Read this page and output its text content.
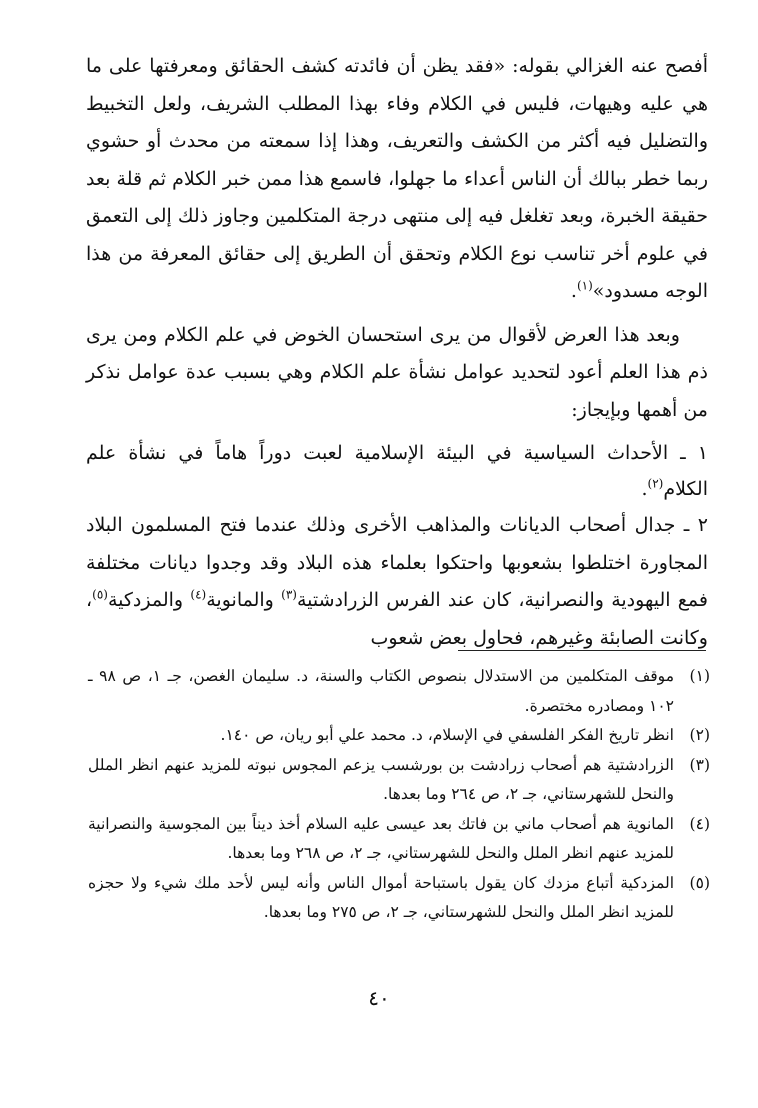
أفصح عنه الغزالي بقوله: «فقد يظن أن فائدته كشف الحقائق ومعرفتها على ما هي عليه وهيهات، فليس في الكلام وفاء بهذا المطلب الشريف، ولعل التخبيط والتضليل فيه أكثر من الكشف والتعريف، وهذا إذا سمعته من محدث أو حشوي ربما خطر ببالك أن الناس أعداء ما جهلوا، فاسمع هذا ممن خبر الكلام ثم قلة بعد حقيقة الخبرة، وبعد تغلغل فيه إلى منتهى درجة المتكلمين وجاوز ذلك إلى التعمق في علوم أخر تناسب نوع الكلام وتحقق أن الطريق إلى حقائق المعرفة من هذا الوجه مسدود»$^{(١)}$.

وبعد هذا العرض لأقوال من يرى استحسان الخوض في علم الكلام ومن يرى ذم هذا العلم أعود لتحديد عوامل نشأة علم الكلام وهي بسبب عدة عوامل نذكر من أهمها وبإيجاز:

١ ـ الأحداث السياسية في البيئة الإسلامية لعبت دوراً هاماً في نشأة علم الكلام$^{(٢)}$.

٢ ـ جدال أصحاب الديانات والمذاهب الأخرى وذلك عندما فتح المسلمون البلاد المجاورة اختلطوا بشعوبها واحتكوا بعلماء هذه البلاد وقد وجدوا ديانات مختلفة فمع اليهودية والنصرانية، كان عند الفرس الزرادشتية$^{(٣)}$ والمانوية$^{(٤)}$ والمزدكية$^{(٥)}$، وكانت الصابئة وغيرهم، فحاول بعض شعوب

(١)
موقف المتكلمين من الاستدلال بنصوص الكتاب والسنة، د. سليمان الغصن، جـ ١، ص ٩٨ ـ ١٠٢ ومصادره مختصرة.

(٢)
انظر تاريخ الفكر الفلسفي في الإسلام، د. محمد علي أبو ريان، ص ١٤٠.

(٣)
الزرادشتية هم أصحاب زرادشت بن بورشسب يزعم المجوس نبوته للمزيد عنهم انظر الملل والنحل للشهرستاني، جـ ٢، ص ٢٦٤ وما بعدها.

(٤)
المانوية هم أصحاب ماني بن فاتك بعد عيسى عليه السلام أخذ ديناً بين المجوسية والنصرانية للمزيد عنهم انظر الملل والنحل للشهرستاني، جـ ٢، ص ٢٦٨ وما بعدها.

(٥)
المزدكية أتباع مزدك كان يقول باستباحة أموال الناس وأنه ليس لأحد ملك شيء ولا حجزه للمزيد انظر الملل والنحل للشهرستاني، جـ ٢، ص ٢٧٥ وما بعدها.

٤٠
